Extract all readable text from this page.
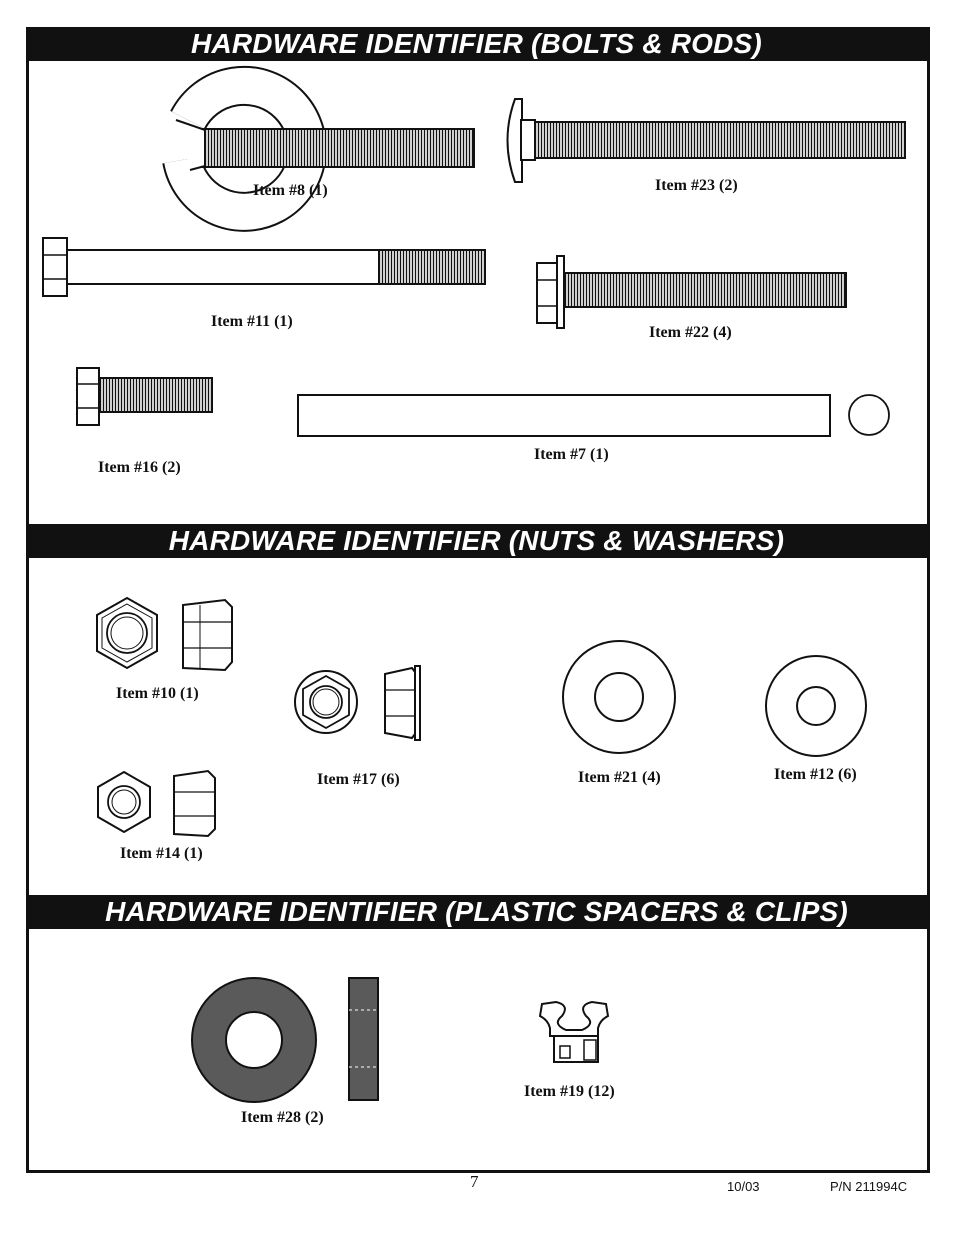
HARDWARE IDENTIFIER (BOLTS & RODS)
HARDWARE IDENTIFIER (NUTS & WASHERS)
HARDWARE IDENTIFIER (PLASTIC SPACERS & CLIPS)
Item #8 (1)	Item #23 (2)
Item #11 (1)
Item #22 (4)
Item #16 (2)
Item #7 (1)
Item #10 (1)
Item #17 (6)	Item #21 (4)	Item #12 (6)
Item #14 (1)
Item #28 (2)
Item #19 (12)
7	10/03	P/N 211994C
